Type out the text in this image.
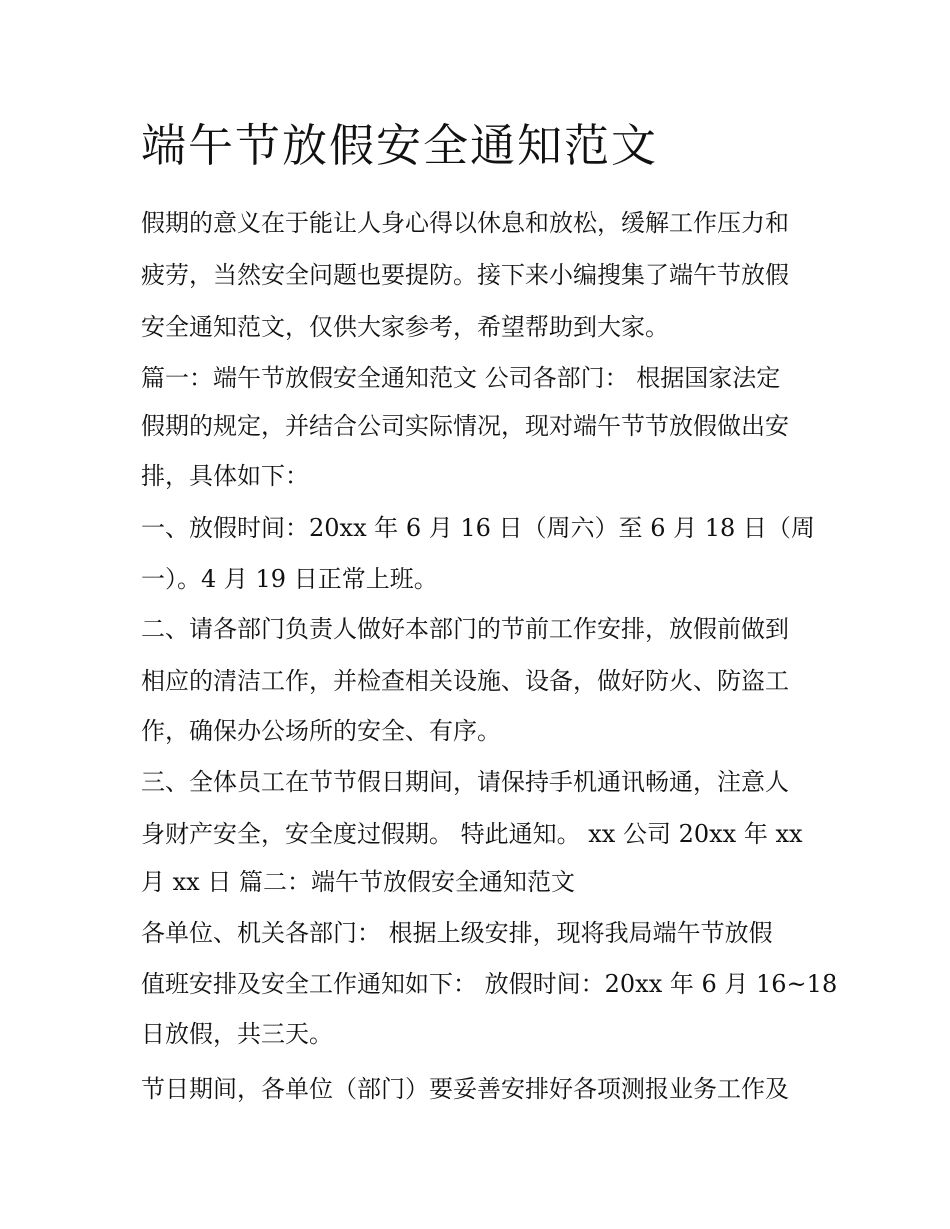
端午节放假安全通知范文

假期的意义在于能让人身心得以休息和放松，缓解工作压力和

疲劳，当然安全问题也要提防。接下来小编搜集了端午节放假

安全通知范文，仅供大家参考，希望帮助到大家。

篇一：端午节放假安全通知范文 公司各部门： 根据国家法定

假期的规定，并结合公司实际情况，现对端午节节放假做出安

排，具体如下：

一、放假时间：20xx 年 6 月 16 日（周六）至 6 月 18 日（周

一）。4 月 19 日正常上班。

二、请各部门负责人做好本部门的节前工作安排，放假前做到

相应的清洁工作，并检查相关设施、设备，做好防火、防盗工

作，确保办公场所的安全、有序。

三、全体员工在节节假日期间，请保持手机通讯畅通，注意人

身财产安全，安全度过假期。 特此通知。 xx 公司 20xx 年 xx

月 xx 日 篇二：端午节放假安全通知范文

各单位、机关各部门： 根据上级安排，现将我局端午节放假

值班安排及安全工作通知如下： 放假时间：20xx 年 6 月 16~18

日放假，共三天。

节日期间，各单位（部门）要妥善安排好各项测报业务工作及
